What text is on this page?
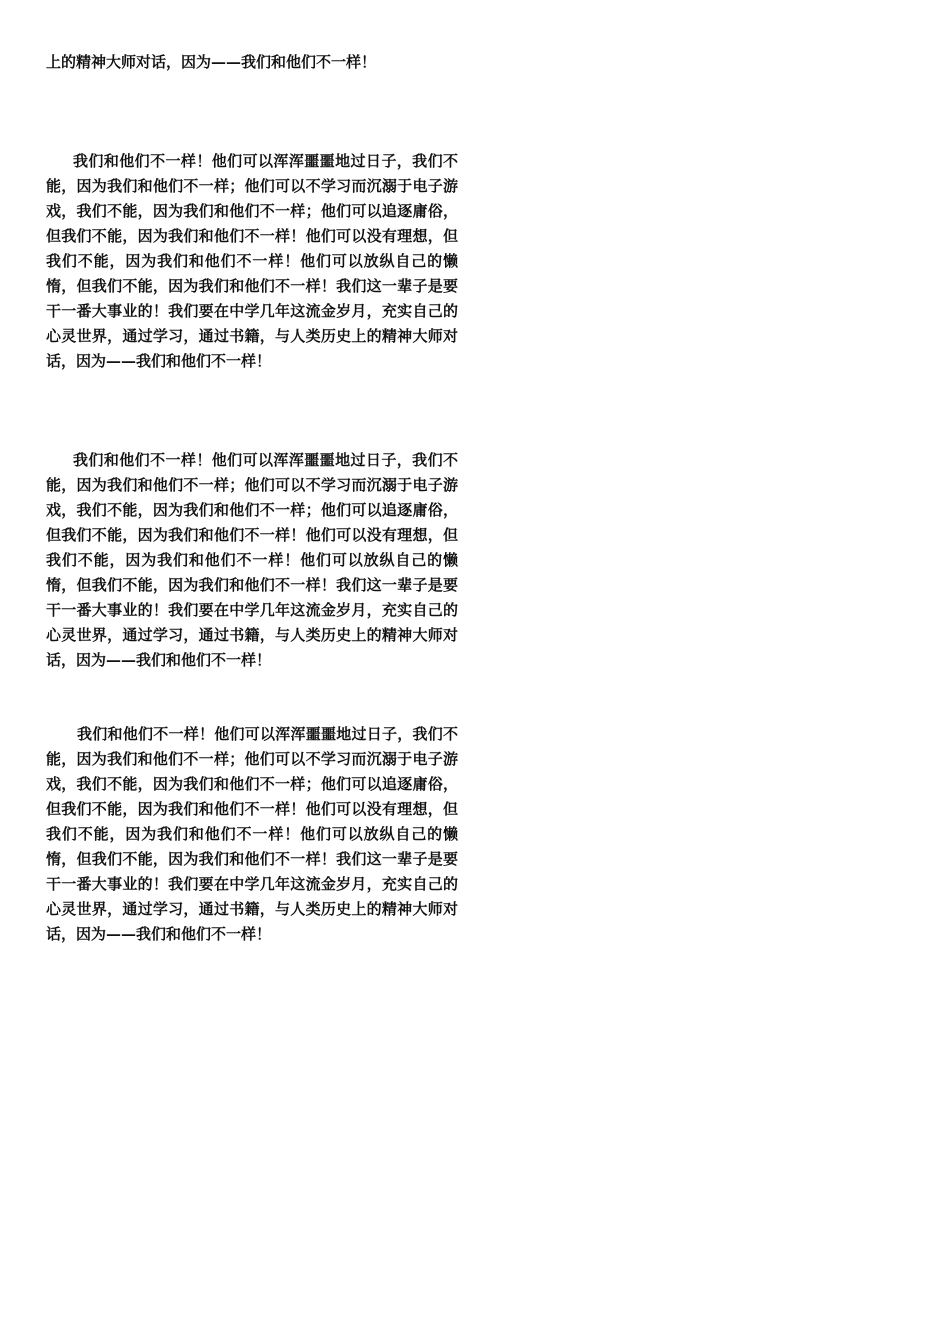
上的精神大师对话，因为——我们和他们不一样！
我们和他们不一样！他们可以浑浑噩噩地过日子，我们不能，因为我们和他们不一样；他们可以不学习而沉溺于电子游戏，我们不能，因为我们和他们不一样；他们可以追逐庸俗，但我们不能，因为我们和他们不一样！他们可以没有理想，但我们不能，因为我们和他们不一样！他们可以放纵自己的懒惰，但我们不能，因为我们和他们不一样！我们这一辈子是要干一番大事业的！我们要在中学几年这流金岁月，充实自己的心灵世界，通过学习，通过书籍，与人类历史上的精神大师对话，因为——我们和他们不一样！
我们和他们不一样！他们可以浑浑噩噩地过日子，我们不能，因为我们和他们不一样；他们可以不学习而沉溺于电子游戏，我们不能，因为我们和他们不一样；他们可以追逐庸俗，但我们不能，因为我们和他们不一样！他们可以没有理想，但我们不能，因为我们和他们不一样！他们可以放纵自己的懒惰，但我们不能，因为我们和他们不一样！我们这一辈子是要干一番大事业的！我们要在中学几年这流金岁月，充实自己的心灵世界，通过学习，通过书籍，与人类历史上的精神大师对话，因为——我们和他们不一样！
我们和他们不一样！他们可以浑浑噩噩地过日子，我们不能，因为我们和他们不一样；他们可以不学习而沉溺于电子游戏，我们不能，因为我们和他们不一样；他们可以追逐庸俗，但我们不能，因为我们和他们不一样！他们可以没有理想，但我们不能，因为我们和他们不一样！他们可以放纵自己的懒惰，但我们不能，因为我们和他们不一样！我们这一辈子是要干一番大事业的！我们要在中学几年这流金岁月，充实自己的心灵世界，通过学习，通过书籍，与人类历史上的精神大师对话，因为——我们和他们不一样！
